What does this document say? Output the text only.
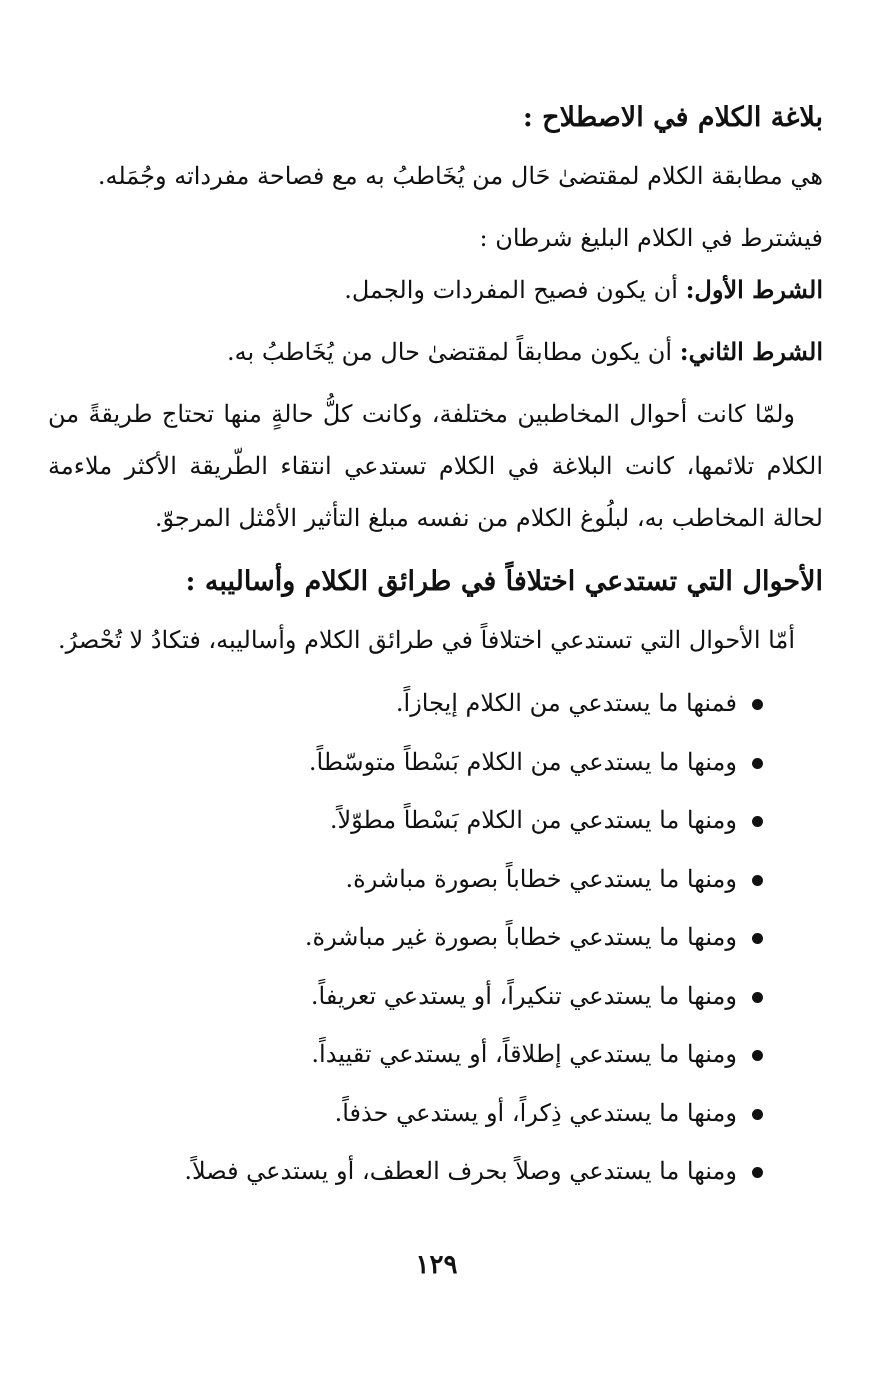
بلاغة الكلام في الاصطلاح :

هي مطابقة الكلام لمقتضىٰ حَال من يُخَاطبُ به مع فصاحة مفرداته وجُمَله.

فيشترط في الكلام البليغ شرطان :

الشرط الأول: أن يكون فصيح المفردات والجمل.

الشرط الثاني: أن يكون مطابقاً لمقتضىٰ حال من يُخَاطبُ به.

ولمّا كانت أحوال المخاطبين مختلفة، وكانت كلُّ حالةٍ منها تحتاج طريقةً من الكلام تلائمها، كانت البلاغة في الكلام تستدعي انتقاء الطّريقة الأكثر ملاءمة لحالة المخاطب به، لبلُوغ الكلام من نفسه مبلغ التأثير الأمْثل المرجوّ.

الأحوال التي تستدعي اختلافاً في طرائق الكلام وأساليبه :

أمّا الأحوال التي تستدعي اختلافاً في طرائق الكلام وأساليبه، فتكادُ لا تُحْصرُ.

فمنها ما يستدعي من الكلام إيجازاً.
ومنها ما يستدعي من الكلام بَسْطاً متوسّطاً.
ومنها ما يستدعي من الكلام بَسْطاً مطوّلاً.
ومنها ما يستدعي خطاباً بصورة مباشرة.
ومنها ما يستدعي خطاباً بصورة غير مباشرة.
ومنها ما يستدعي تنكيراً، أو يستدعي تعريفاً.
ومنها ما يستدعي إطلاقاً، أو يستدعي تقييداً.
ومنها ما يستدعي ذِكراً، أو يستدعي حذفاً.
ومنها ما يستدعي وصلاً بحرف العطف، أو يستدعي فصلاً.
١٢٩
